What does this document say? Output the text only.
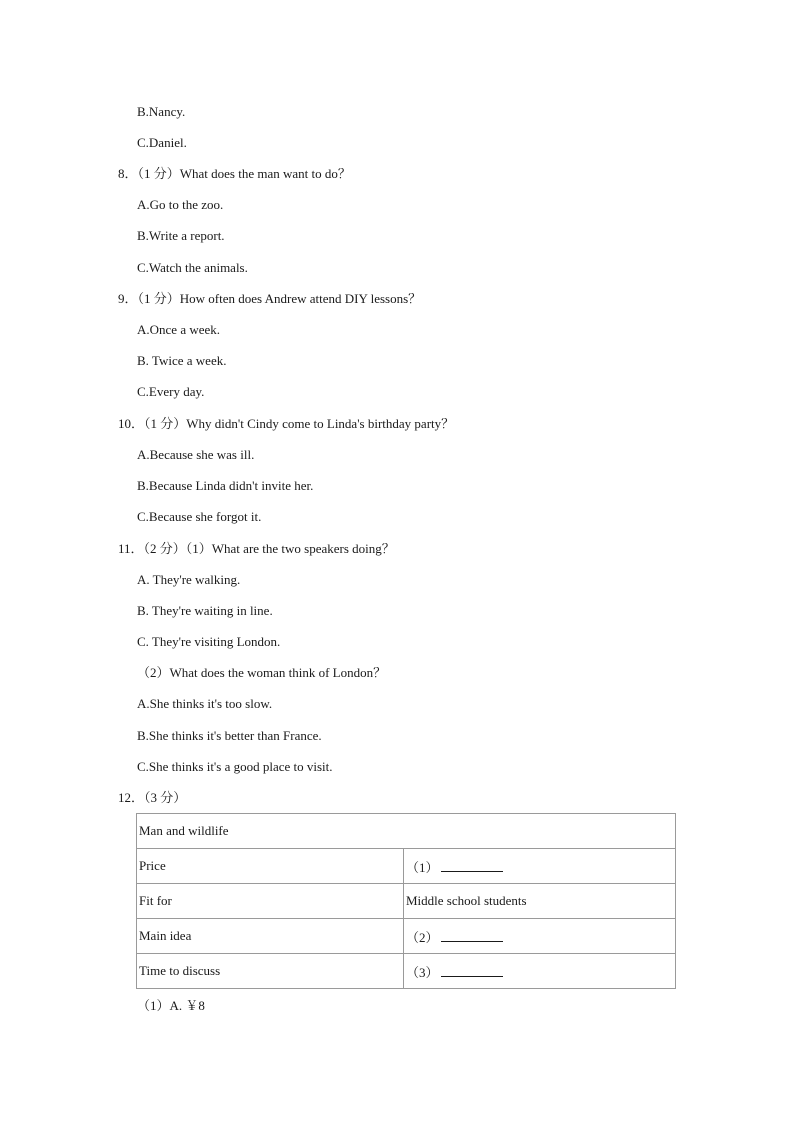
B.Nancy.
C.Daniel.
8．（1 分）What does the man want to do？
A.Go to the zoo.
B.Write a report.
C.Watch the animals.
9．（1 分）How often does Andrew attend DIY lessons？
A.Once a week.
B. Twice a week.
C.Every day.
10．（1 分）Why didn't Cindy come to Linda's birthday party？
A.Because she was ill.
B.Because Linda didn't invite her.
C.Because she forgot it.
11．（2 分）（1）What are the two speakers doing？
A. They're walking.
B. They're waiting in line.
C. They're visiting London.
（2）What does the woman think of London？
A.She thinks it's too slow.
B.She thinks it's better than France.
C.She thinks it's a good place to visit.
12．（3 分）
Man and wildlife	
Price	（1）
Fit for	Middle school students
Main idea	（2）
Time to discuss	（3）
（1）A. ￥8
